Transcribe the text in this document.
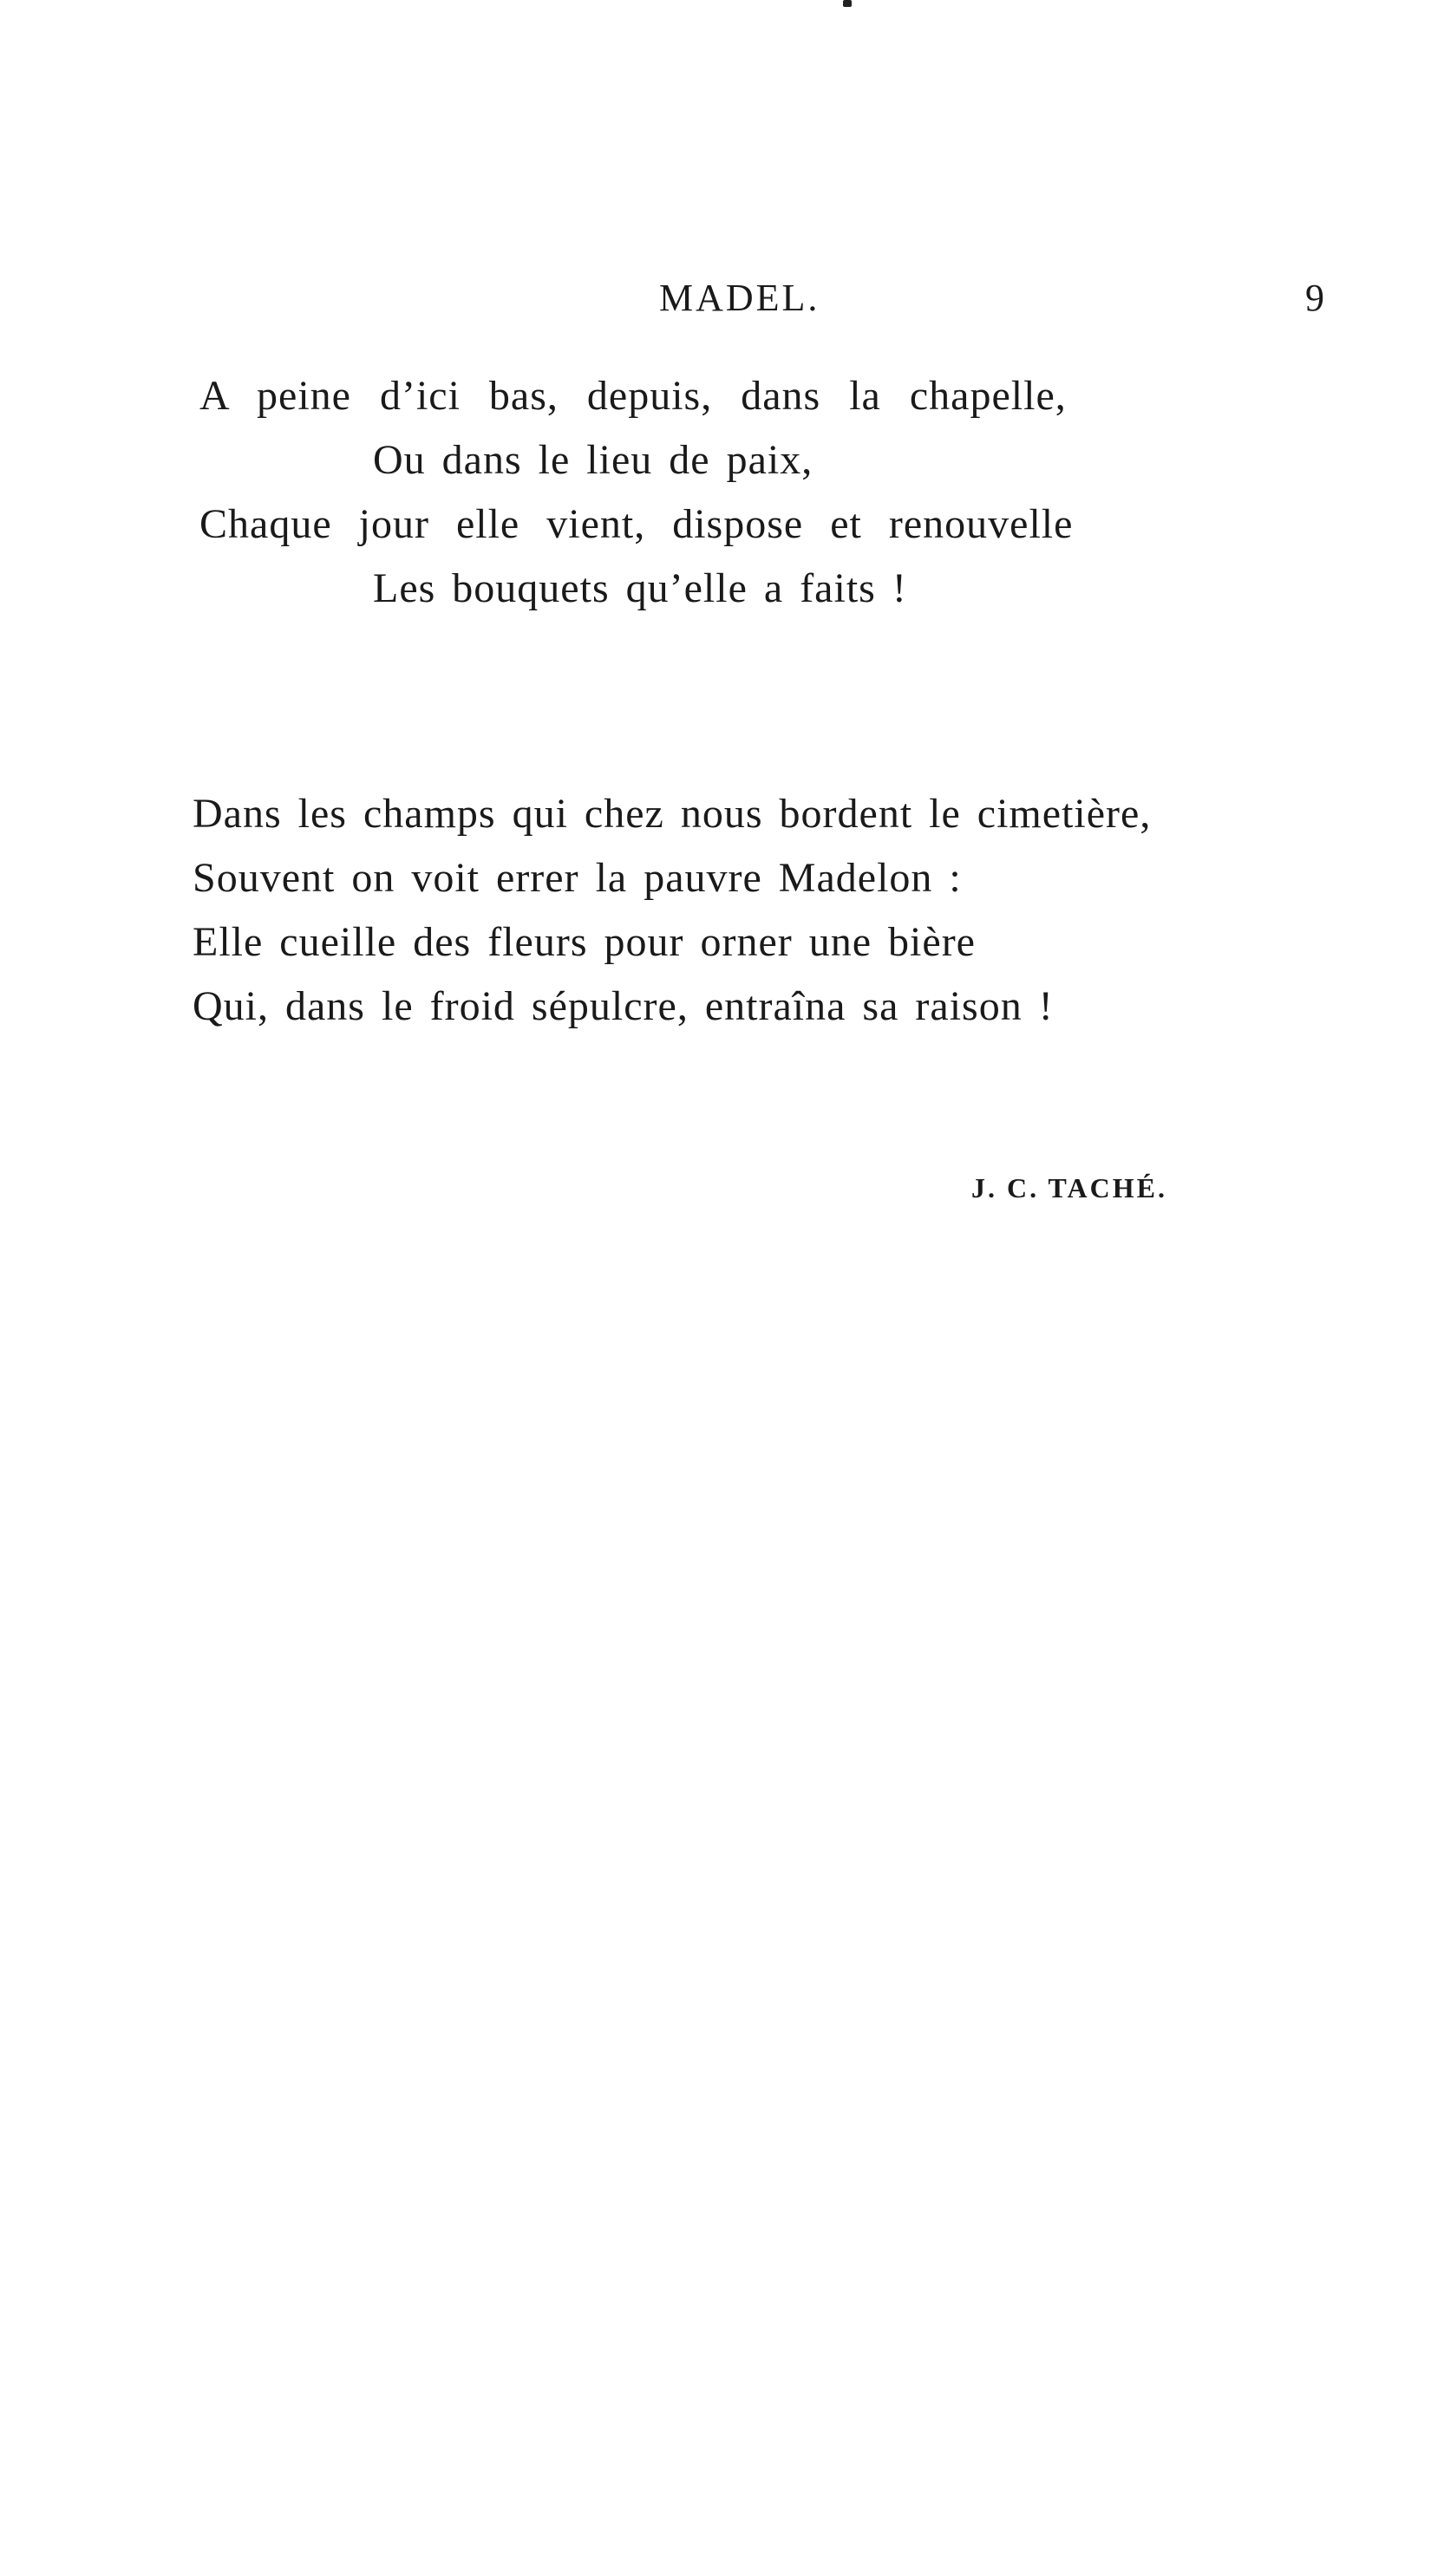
MADEL.	9
A peine d’ici bas, depuis, dans la chapelle,
Ou dans le lieu de paix,
Chaque jour elle vient, dispose et renouvelle
Les bouquets qu’elle a faits !
Dans les champs qui chez nous bordent le cimetière,
Souvent on voit errer la pauvre Madelon :
Elle cueille des fleurs pour orner une bière
Qui, dans le froid sépulcre, entraîna sa raison !
J. C. TACHÉ.
